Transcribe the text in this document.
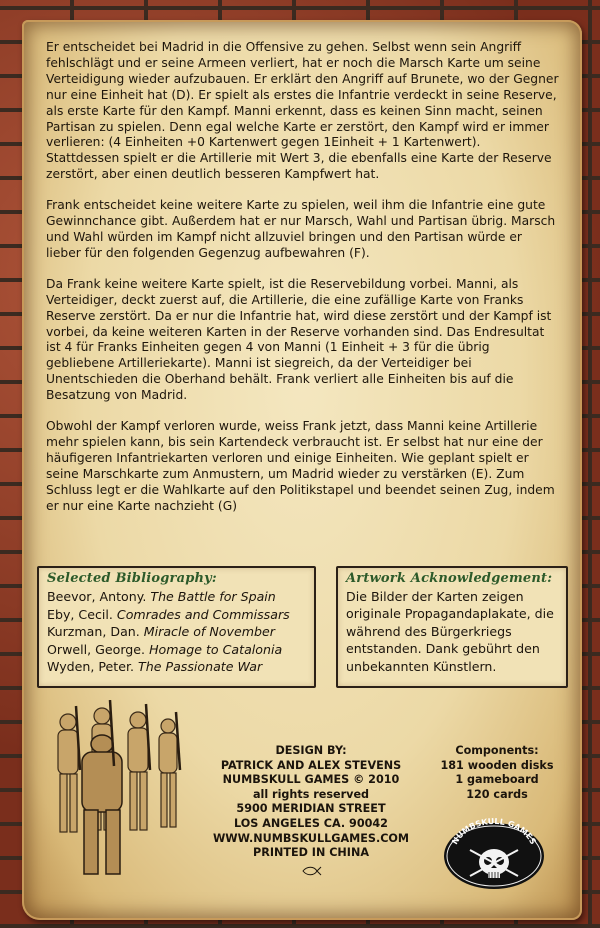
Er entscheidet bei Madrid in die Offensive zu gehen. Selbst wenn sein Angriff fehlschlägt und er seine Armeen verliert, hat er noch die Marsch Karte um seine Verteidigung wieder aufzubauen. Er erklärt den Angriff auf Brunete, wo der Gegner nur eine Einheit hat (D). Er spielt als erstes die Infantrie verdeckt in seine Reserve, als erste Karte für den Kampf. Manni erkennt, dass es keinen Sinn macht, seinen Partisan zu spielen. Denn egal welche Karte er zerstört, den Kampf wird er immer verlieren: (4 Einheiten +0 Kartenwert gegen 1Einheit + 1 Kartenwert).
Stattdessen spielt er die Artillerie mit Wert 3, die ebenfalls eine Karte der Reserve zerstört, aber einen deutlich besseren Kampfwert hat.

Frank entscheidet keine weitere Karte zu spielen, weil ihm die Infantrie eine gute Gewinnchance gibt. Außerdem hat er nur Marsch, Wahl und Partisan übrig. Marsch und Wahl würden im Kampf nicht allzuviel bringen und den Partisan würde er lieber für den folgenden Gegenzug aufbewahren (F).

Da Frank keine weitere Karte spielt, ist die Reservebildung vorbei. Manni, als Verteidiger, deckt zuerst auf, die Artillerie, die eine zufällige Karte von Franks Reserve zerstört. Da er nur die Infantrie hat, wird diese zerstört und der Kampf ist vorbei, da keine weiteren Karten in der Reserve vorhanden sind. Das Endresultat ist 4 für Franks Einheiten gegen 4 von Manni (1 Einheit + 3 für die übrig gebliebene Artilleriekarte). Manni ist siegreich, da der Verteidiger bei Unentschieden die Oberhand behält. Frank verliert alle Einheiten bis auf die Besatzung von Madrid.

Obwohl der Kampf verloren wurde, weiss Frank jetzt, dass Manni keine Artillerie mehr spielen kann, bis sein Kartendeck verbraucht ist. Er selbst hat nur eine der häufigeren Infantriekarten verloren und einige Einheiten. Wie geplant spielt er seine Marschkarte zum Anmustern, um Madrid wieder zu verstärken (E). Zum Schluss legt er die Wahlkarte auf den Politikstapel und beendet seinen Zug, indem er nur eine Karte nachzieht (G)

Selected Bibliography:
Beevor, Antony. The Battle for Spain
Eby, Cecil. Comrades and Commissars
Kurzman, Dan. Miracle of November
Orwell, George. Homage to Catalonia
Wyden, Peter. The Passionate War
Artwork Acknowledgement:
Die Bilder der Karten zeigen originale Propagandaplakate, die während des Bürgerkriegs entstanden. Dank gebührt den unbekannten Künstlern.
DESIGN BY:
PATRICK AND ALEX STEVENS
NUMBSKULL GAMES © 2010
all rights reserved
5900 MERIDIAN STREET
LOS ANGELES CA. 90042
WWW.NUMBSKULLGAMES.COM
PRINTED IN CHINA
Components:
181 wooden disks
1 gameboard
120 cards
NUMBSKULL GAMES
